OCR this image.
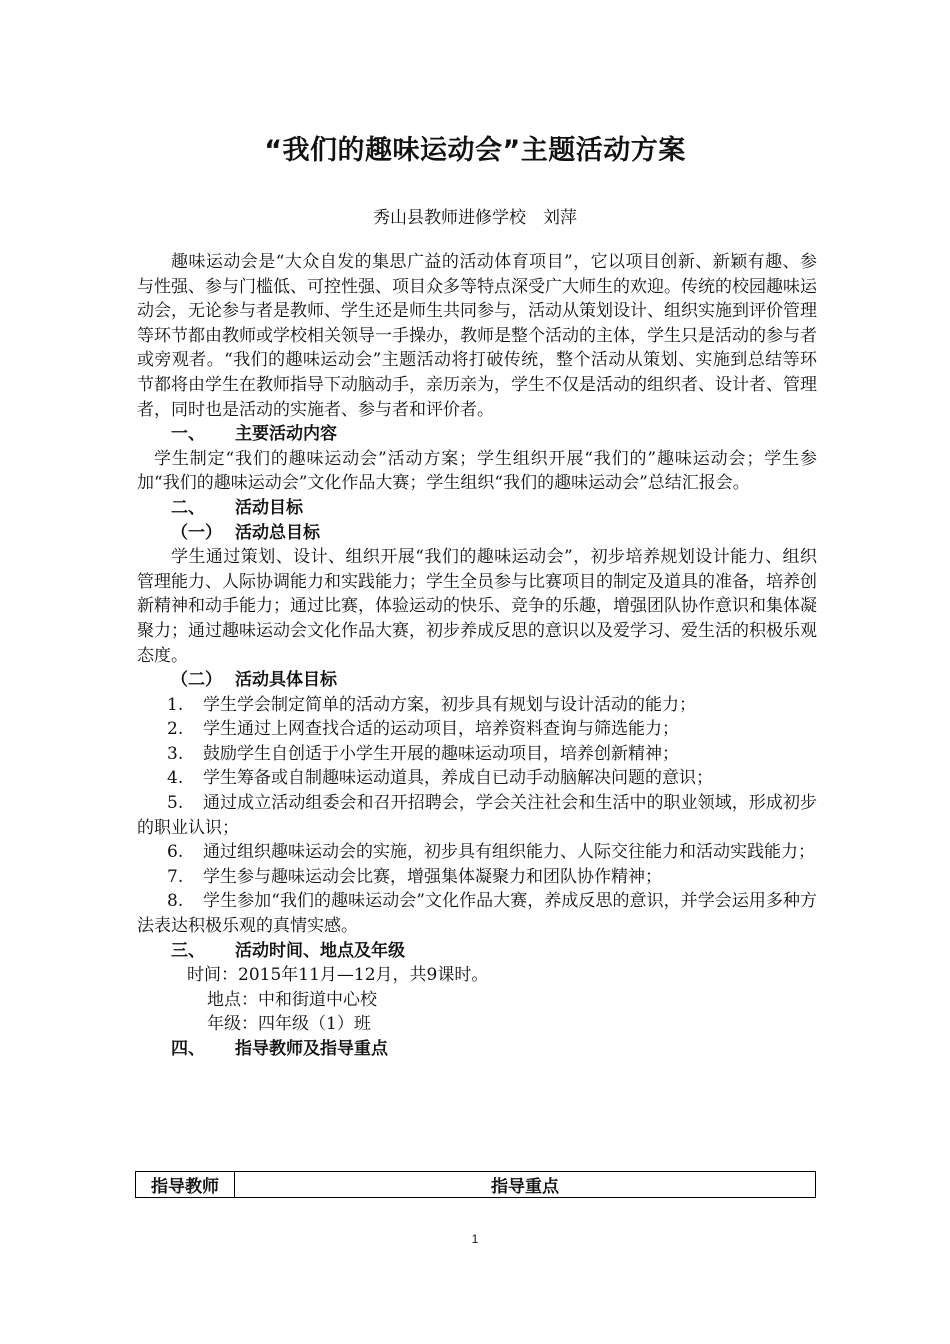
“我们的趣味运动会”主题活动方案
秀山县教师进修学校　刘萍

趣味运动会是“大众自发的集思广益的活动体育项目”，它以项目创新、新颖有趣、参与性强、参与门槛低、可控性强、项目众多等特点深受广大师生的欢迎。传统的校园趣味运动会，无论参与者是教师、学生还是师生共同参与，活动从策划设计、组织实施到评价管理等环节都由教师或学校相关领导一手操办，教师是整个活动的主体，学生只是活动的参与者或旁观者。“我们的趣味运动会”主题活动将打破传统，整个活动从策划、实施到总结等环节都将由学生在教师指导下动脑动手，亲历亲为，学生不仅是活动的组织者、设计者、管理者，同时也是活动的实施者、参与者和评价者。

一、 主要活动内容

学生制定“我们的趣味运动会”活动方案；学生组织开展“我们的”趣味运动会；学生参加“我们的趣味运动会”文化作品大赛；学生组织“我们的趣味运动会”总结汇报会。

二、 活动目标

（一） 活动总目标

学生通过策划、设计、组织开展“我们的趣味运动会”，初步培养规划设计能力、组织管理能力、人际协调能力和实践能力；学生全员参与比赛项目的制定及道具的准备，培养创新精神和动手能力；通过比赛，体验运动的快乐、竞争的乐趣，增强团队协作意识和集体凝聚力；通过趣味运动会文化作品大赛，初步养成反思的意识以及爱学习、爱生活的积极乐观态度。

（二） 活动具体目标

1. 学生学会制定简单的活动方案，初步具有规划与设计活动的能力；

2. 学生通过上网查找合适的运动项目，培养资料查询与筛选能力；

3. 鼓励学生自创适于小学生开展的趣味运动项目，培养创新精神；

4. 学生筹备或自制趣味运动道具，养成自已动手动脑解决问题的意识；

5. 通过成立活动组委会和召开招聘会，学会关注社会和生活中的职业领域，形成初步的职业认识；

6. 通过组织趣味运动会的实施，初步具有组织能力、人际交往能力和活动实践能力；

7. 学生参与趣味运动会比赛，增强集体凝聚力和团队协作精神；

8. 学生参加“我们的趣味运动会”文化作品大赛，养成反思的意识，并学会运用多种方法表达积极乐观的真情实感。

三、 活动时间、地点及年级

时间：2015年11月—12月，共9课时。

地点：中和街道中心校

年级：四年级（1）班

四、 指导教师及指导重点

指导教师	指导重点
1
